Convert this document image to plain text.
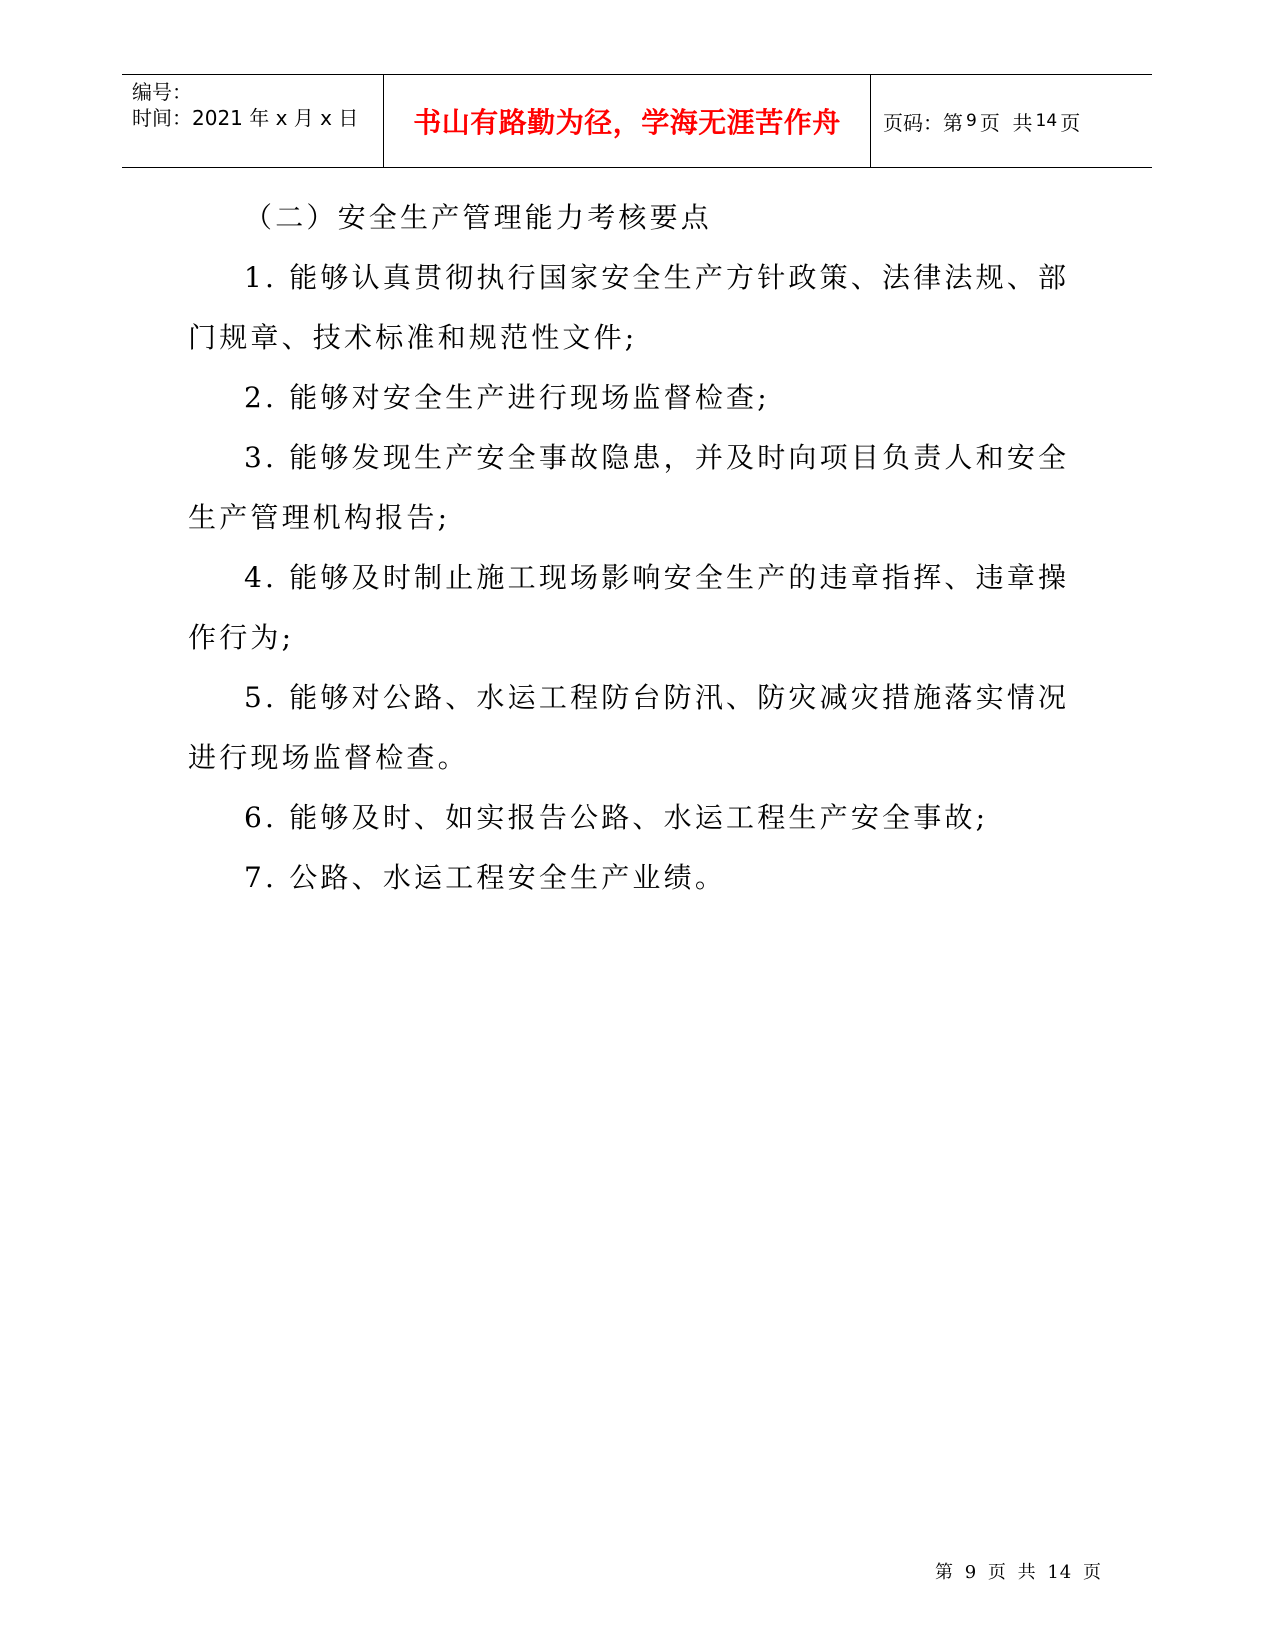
编号：
时间：2021 年 x 月 x 日	书山有路勤为径，学海无涯苦作舟	页码：第 9 页  共 14 页

（二）安全生产管理能力考核要点

1. 能够认真贯彻执行国家安全生产方针政策、法律法规、部门规章、技术标准和规范性文件;

2. 能够对安全生产进行现场监督检查;

3. 能够发现生产安全事故隐患，并及时向项目负责人和安全生产管理机构报告;

4. 能够及时制止施工现场影响安全生产的违章指挥、违章操作行为;

5. 能够对公路、水运工程防台防汛、防灾减灾措施落实情况进行现场监督检查。

6. 能够及时、如实报告公路、水运工程生产安全事故;

7. 公路、水运工程安全生产业绩。

第 9 页 共 14 页
